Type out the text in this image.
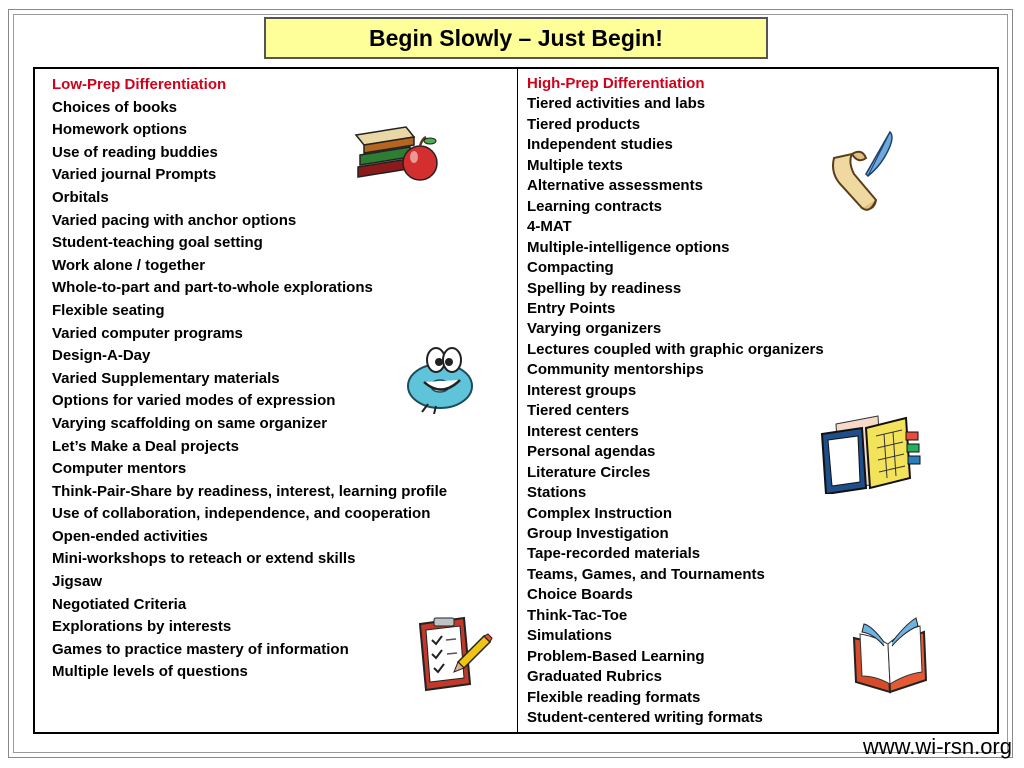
Begin Slowly – Just Begin!
Low-Prep Differentiation
Choices of books
Homework options
Use of reading buddies
Varied journal Prompts
Orbitals
Varied pacing with anchor options
Student-teaching goal setting
Work alone / together
Whole-to-part and part-to-whole explorations
Flexible seating
Varied computer programs
Design-A-Day
Varied Supplementary materials
Options for varied modes of expression
Varying scaffolding on same organizer
Let’s Make a Deal projects
Computer mentors
Think-Pair-Share by readiness, interest, learning profile
Use of collaboration, independence, and cooperation
Open-ended activities
Mini-workshops to reteach or extend skills
Jigsaw
Negotiated Criteria
Explorations by interests
Games to practice mastery of information
Multiple levels of questions
High-Prep Differentiation
Tiered activities and labs
Tiered products
Independent studies
Multiple texts
Alternative assessments
Learning contracts
4-MAT
Multiple-intelligence options
Compacting
Spelling by readiness
Entry Points
Varying organizers
Lectures coupled with graphic organizers
Community mentorships
Interest groups
Tiered centers
Interest centers
Personal agendas
Literature Circles
Stations
Complex Instruction
Group Investigation
Tape-recorded materials
Teams, Games, and Tournaments
Choice Boards
Think-Tac-Toe
Simulations
Problem-Based Learning
Graduated Rubrics
Flexible reading formats
Student-centered writing formats
www.wi-rsn.org
